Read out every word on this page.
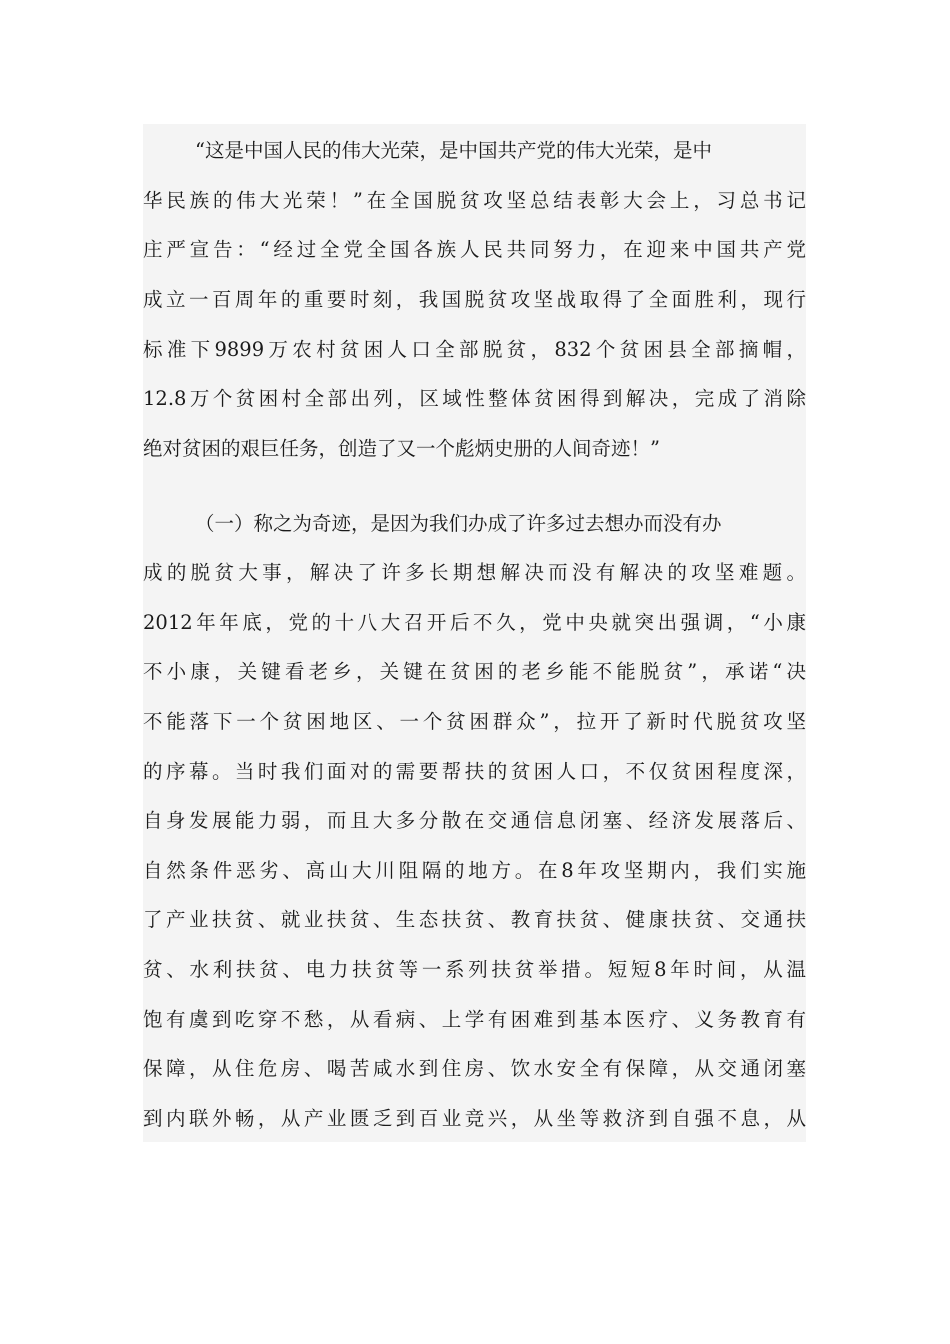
“这是中国人民的伟大光荣，是中国共产党的伟大光荣，是中
华民族的伟大光荣！”在全国脱贫攻坚总结表彰大会上，习总书记
庄严宣告：“经过全党全国各族人民共同努力，在迎来中国共产党
成立一百周年的重要时刻，我国脱贫攻坚战取得了全面胜利，现行
标准下9899万农村贫困人口全部脱贫，832个贫困县全部摘帽，
12.8万个贫困村全部出列，区域性整体贫困得到解决，完成了消除
绝对贫困的艰巨任务，创造了又一个彪炳史册的人间奇迹！”
（一）称之为奇迹，是因为我们办成了许多过去想办而没有办
成的脱贫大事，解决了许多长期想解决而没有解决的攻坚难题。
2012年年底，党的十八大召开后不久，党中央就突出强调，“小康
不小康，关键看老乡，关键在贫困的老乡能不能脱贫”，承诺“决
不能落下一个贫困地区、一个贫困群众”，拉开了新时代脱贫攻坚
的序幕。当时我们面对的需要帮扶的贫困人口，不仅贫困程度深，
自身发展能力弱，而且大多分散在交通信息闭塞、经济发展落后、
自然条件恶劣、高山大川阻隔的地方。在8年攻坚期内，我们实施
了产业扶贫、就业扶贫、生态扶贫、教育扶贫、健康扶贫、交通扶
贫、水利扶贫、电力扶贫等一系列扶贫举措。短短8年时间，从温
饱有虞到吃穿不愁，从看病、上学有困难到基本医疗、义务教育有
保障，从住危房、喝苦咸水到住房、饮水安全有保障，从交通闭塞
到内联外畅，从产业匮乏到百业竞兴，从坐等救济到自强不息，从
